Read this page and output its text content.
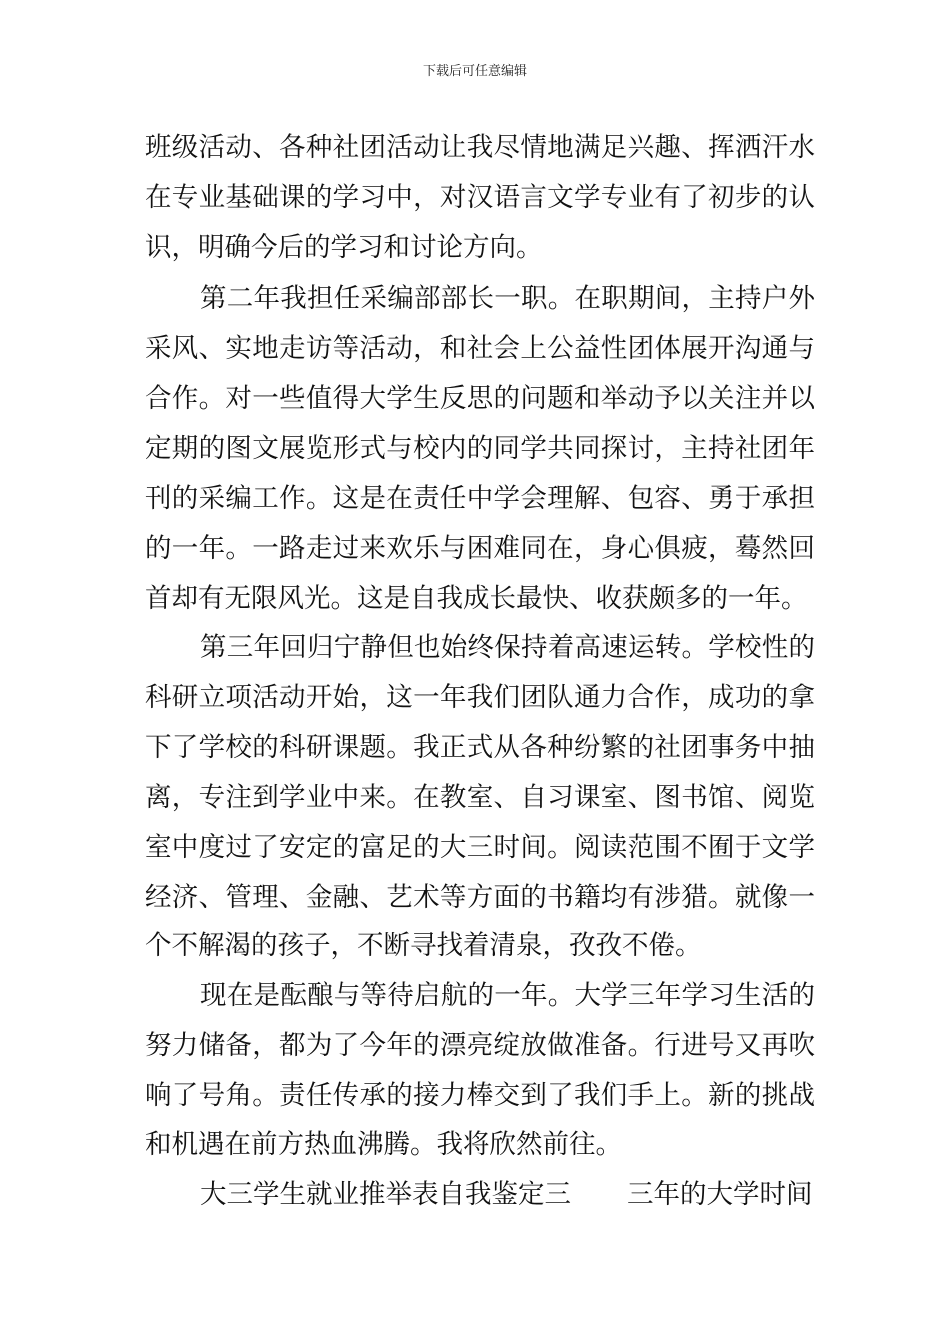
下载后可任意编辑
班级活动、各种社团活动让我尽情地满足兴趣、挥洒汗水
在专业基础课的学习中，对汉语言文学专业有了初步的认
识，明确今后的学习和讨论方向。
第二年我担任采编部部长一职。在职期间，主持户外
采风、实地走访等活动，和社会上公益性团体展开沟通与
合作。对一些值得大学生反思的问题和举动予以关注并以
定期的图文展览形式与校内的同学共同探讨，主持社团年
刊的采编工作。这是在责任中学会理解、包容、勇于承担
的一年。一路走过来欢乐与困难同在，身心俱疲，蓦然回
首却有无限风光。这是自我成长最快、收获颇多的一年。
第三年回归宁静但也始终保持着高速运转。学校性的
科研立项活动开始，这一年我们团队通力合作，成功的拿
下了学校的科研课题。我正式从各种纷繁的社团事务中抽
离，专注到学业中来。在教室、自习课室、图书馆、阅览
室中度过了安定的富足的大三时间。阅读范围不囿于文学
经济、管理、金融、艺术等方面的书籍均有涉猎。就像一
个不解渴的孩子，不断寻找着清泉，孜孜不倦。
现在是酝酿与等待启航的一年。大学三年学习生活的
努力储备，都为了今年的漂亮绽放做准备。行进号又再吹
响了号角。责任传承的接力棒交到了我们手上。新的挑战
和机遇在前方热血沸腾。我将欣然前往。
大三学生就业推举表自我鉴定三 三年的大学时间
